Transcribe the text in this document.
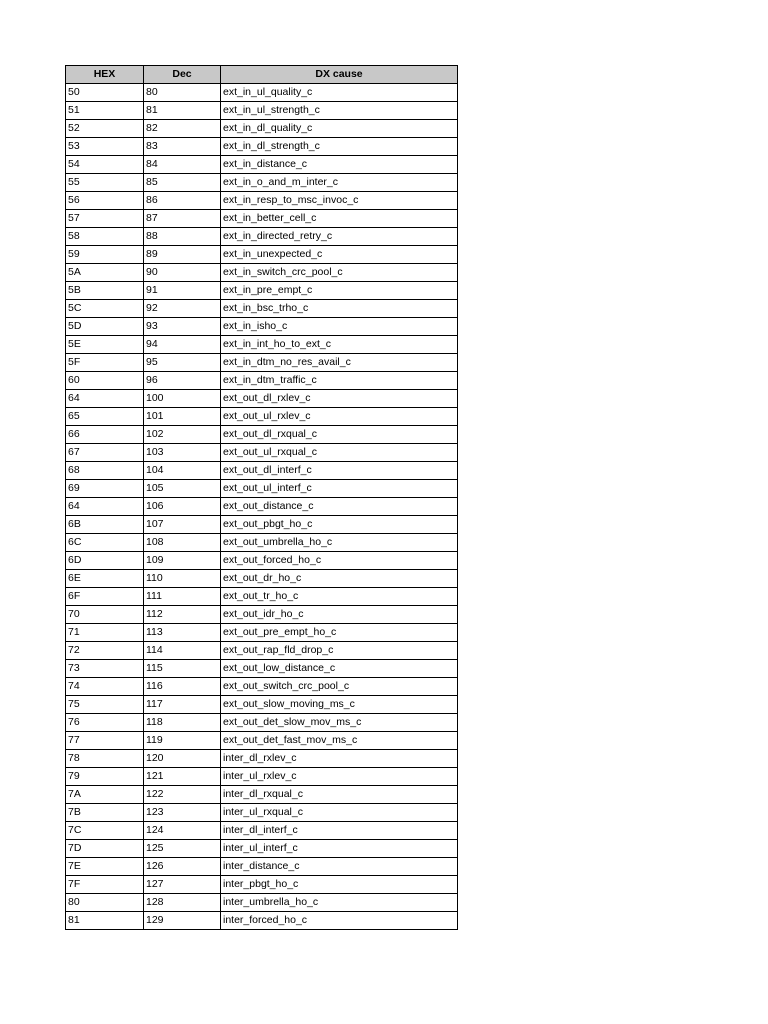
HEX	Dec	DX cause
50	80	ext_in_ul_quality_c
51	81	ext_in_ul_strength_c
52	82	ext_in_dl_quality_c
53	83	ext_in_dl_strength_c
54	84	ext_in_distance_c
55	85	ext_in_o_and_m_inter_c
56	86	ext_in_resp_to_msc_invoc_c
57	87	ext_in_better_cell_c
58	88	ext_in_directed_retry_c
59	89	ext_in_unexpected_c
5A	90	ext_in_switch_crc_pool_c
5B	91	ext_in_pre_empt_c
5C	92	ext_in_bsc_trho_c
5D	93	ext_in_isho_c
5E	94	ext_in_int_ho_to_ext_c
5F	95	ext_in_dtm_no_res_avail_c
60	96	ext_in_dtm_traffic_c
64	100	ext_out_dl_rxlev_c
65	101	ext_out_ul_rxlev_c
66	102	ext_out_dl_rxqual_c
67	103	ext_out_ul_rxqual_c
68	104	ext_out_dl_interf_c
69	105	ext_out_ul_interf_c
64	106	ext_out_distance_c
6B	107	ext_out_pbgt_ho_c
6C	108	ext_out_umbrella_ho_c
6D	109	ext_out_forced_ho_c
6E	110	ext_out_dr_ho_c
6F	111	ext_out_tr_ho_c
70	112	ext_out_idr_ho_c
71	113	ext_out_pre_empt_ho_c
72	114	ext_out_rap_fld_drop_c
73	115	ext_out_low_distance_c
74	116	ext_out_switch_crc_pool_c
75	117	ext_out_slow_moving_ms_c
76	118	ext_out_det_slow_mov_ms_c
77	119	ext_out_det_fast_mov_ms_c
78	120	inter_dl_rxlev_c
79	121	inter_ul_rxlev_c
7A	122	inter_dl_rxqual_c
7B	123	inter_ul_rxqual_c
7C	124	inter_dl_interf_c
7D	125	inter_ul_interf_c
7E	126	inter_distance_c
7F	127	inter_pbgt_ho_c
80	128	inter_umbrella_ho_c
81	129	inter_forced_ho_c
